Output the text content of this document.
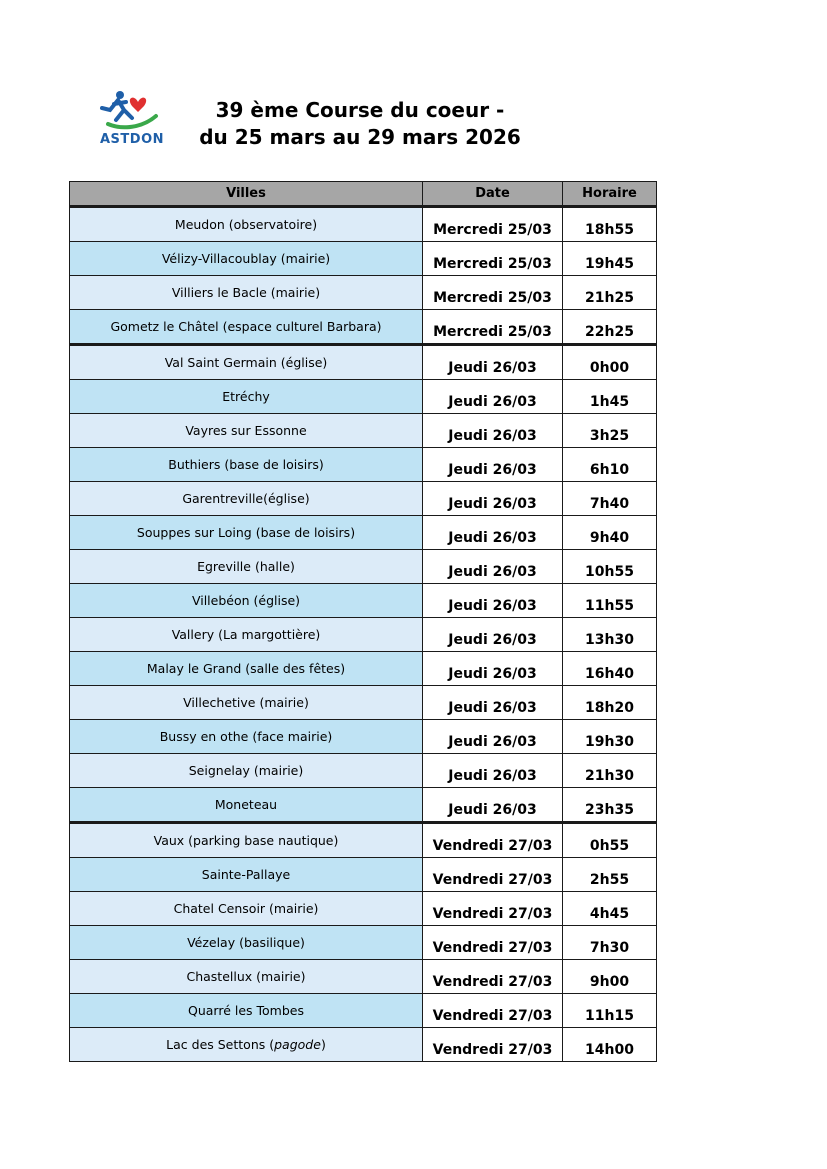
ASTDON
39 ème Course du coeur -
du 25 mars au 29 mars 2026
Villes	Date	Horaire
Meudon (observatoire)	Mercredi 25/03	18h55
Vélizy-Villacoublay (mairie)	Mercredi 25/03	19h45
Villiers le Bacle (mairie)	Mercredi 25/03	21h25
Gometz le Châtel (espace culturel Barbara)	Mercredi 25/03	22h25
Val Saint Germain (église)	Jeudi 26/03	0h00
Etréchy	Jeudi 26/03	1h45
Vayres sur Essonne	Jeudi 26/03	3h25
Buthiers (base de loisirs)	Jeudi 26/03	6h10
Garentreville(église)	Jeudi 26/03	7h40
Souppes sur Loing (base de loisirs)	Jeudi 26/03	9h40
Egreville (halle)	Jeudi 26/03	10h55
Villebéon (église)	Jeudi 26/03	11h55
Vallery (La margottière)	Jeudi 26/03	13h30
Malay le Grand (salle des fêtes)	Jeudi 26/03	16h40
Villechetive (mairie)	Jeudi 26/03	18h20
Bussy en othe (face mairie)	Jeudi 26/03	19h30
Seignelay (mairie)	Jeudi 26/03	21h30
Moneteau	Jeudi 26/03	23h35
Vaux (parking base nautique)	Vendredi 27/03	0h55
Sainte-Pallaye	Vendredi 27/03	2h55
Chatel Censoir (mairie)	Vendredi 27/03	4h45
Vézelay (basilique)	Vendredi 27/03	7h30
Chastellux (mairie)	Vendredi 27/03	9h00
Quarré les Tombes	Vendredi 27/03	11h15
Lac des Settons (pagode)	Vendredi 27/03	14h00
